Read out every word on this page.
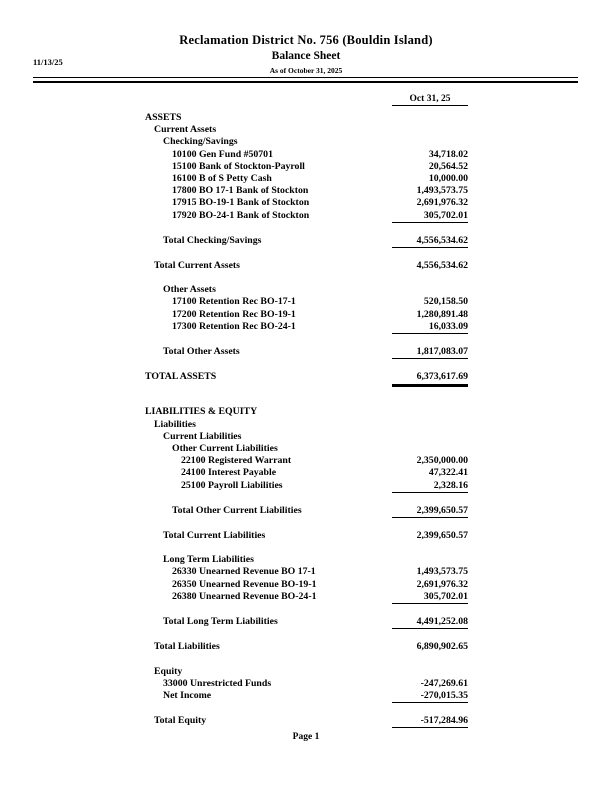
Reclamation District No. 756 (Bouldin Island)
11/13/25	Balance Sheet
As of October 31, 2025
Oct 31, 25
ASSETS
Current Assets
Checking/Savings
10100 Gen Fund #50701	34,718.02
15100 Bank of Stockton-Payroll	20,564.52
16100 B of S Petty Cash	10,000.00
17800 BO 17-1 Bank of Stockton	1,493,573.75
17915 BO-19-1 Bank of Stockton	2,691,976.32
17920 BO-24-1 Bank of Stockton	305,702.01
Total Checking/Savings	4,556,534.62
Total Current Assets	4,556,534.62
Other Assets
17100 Retention Rec BO-17-1	520,158.50
17200 Retention Rec BO-19-1	1,280,891.48
17300 Retention Rec BO-24-1	16,033.09
Total Other Assets	1,817,083.07
TOTAL ASSETS	6,373,617.69
LIABILITIES & EQUITY
Liabilities
Current Liabilities
Other Current Liabilities
22100 Registered Warrant	2,350,000.00
24100 Interest Payable	47,322.41
25100 Payroll Liabilities	2,328.16
Total Other Current Liabilities	2,399,650.57
Total Current Liabilities	2,399,650.57
Long Term Liabilities
26330 Unearned Revenue BO 17-1	1,493,573.75
26350 Unearned Revenue BO-19-1	2,691,976.32
26380 Unearned Revenue BO-24-1	305,702.01
Total Long Term Liabilities	4,491,252.08
Total Liabilities	6,890,902.65
Equity
33000 Unrestricted Funds	-247,269.61
Net Income	-270,015.35
Total Equity	-517,284.96
Page 1
